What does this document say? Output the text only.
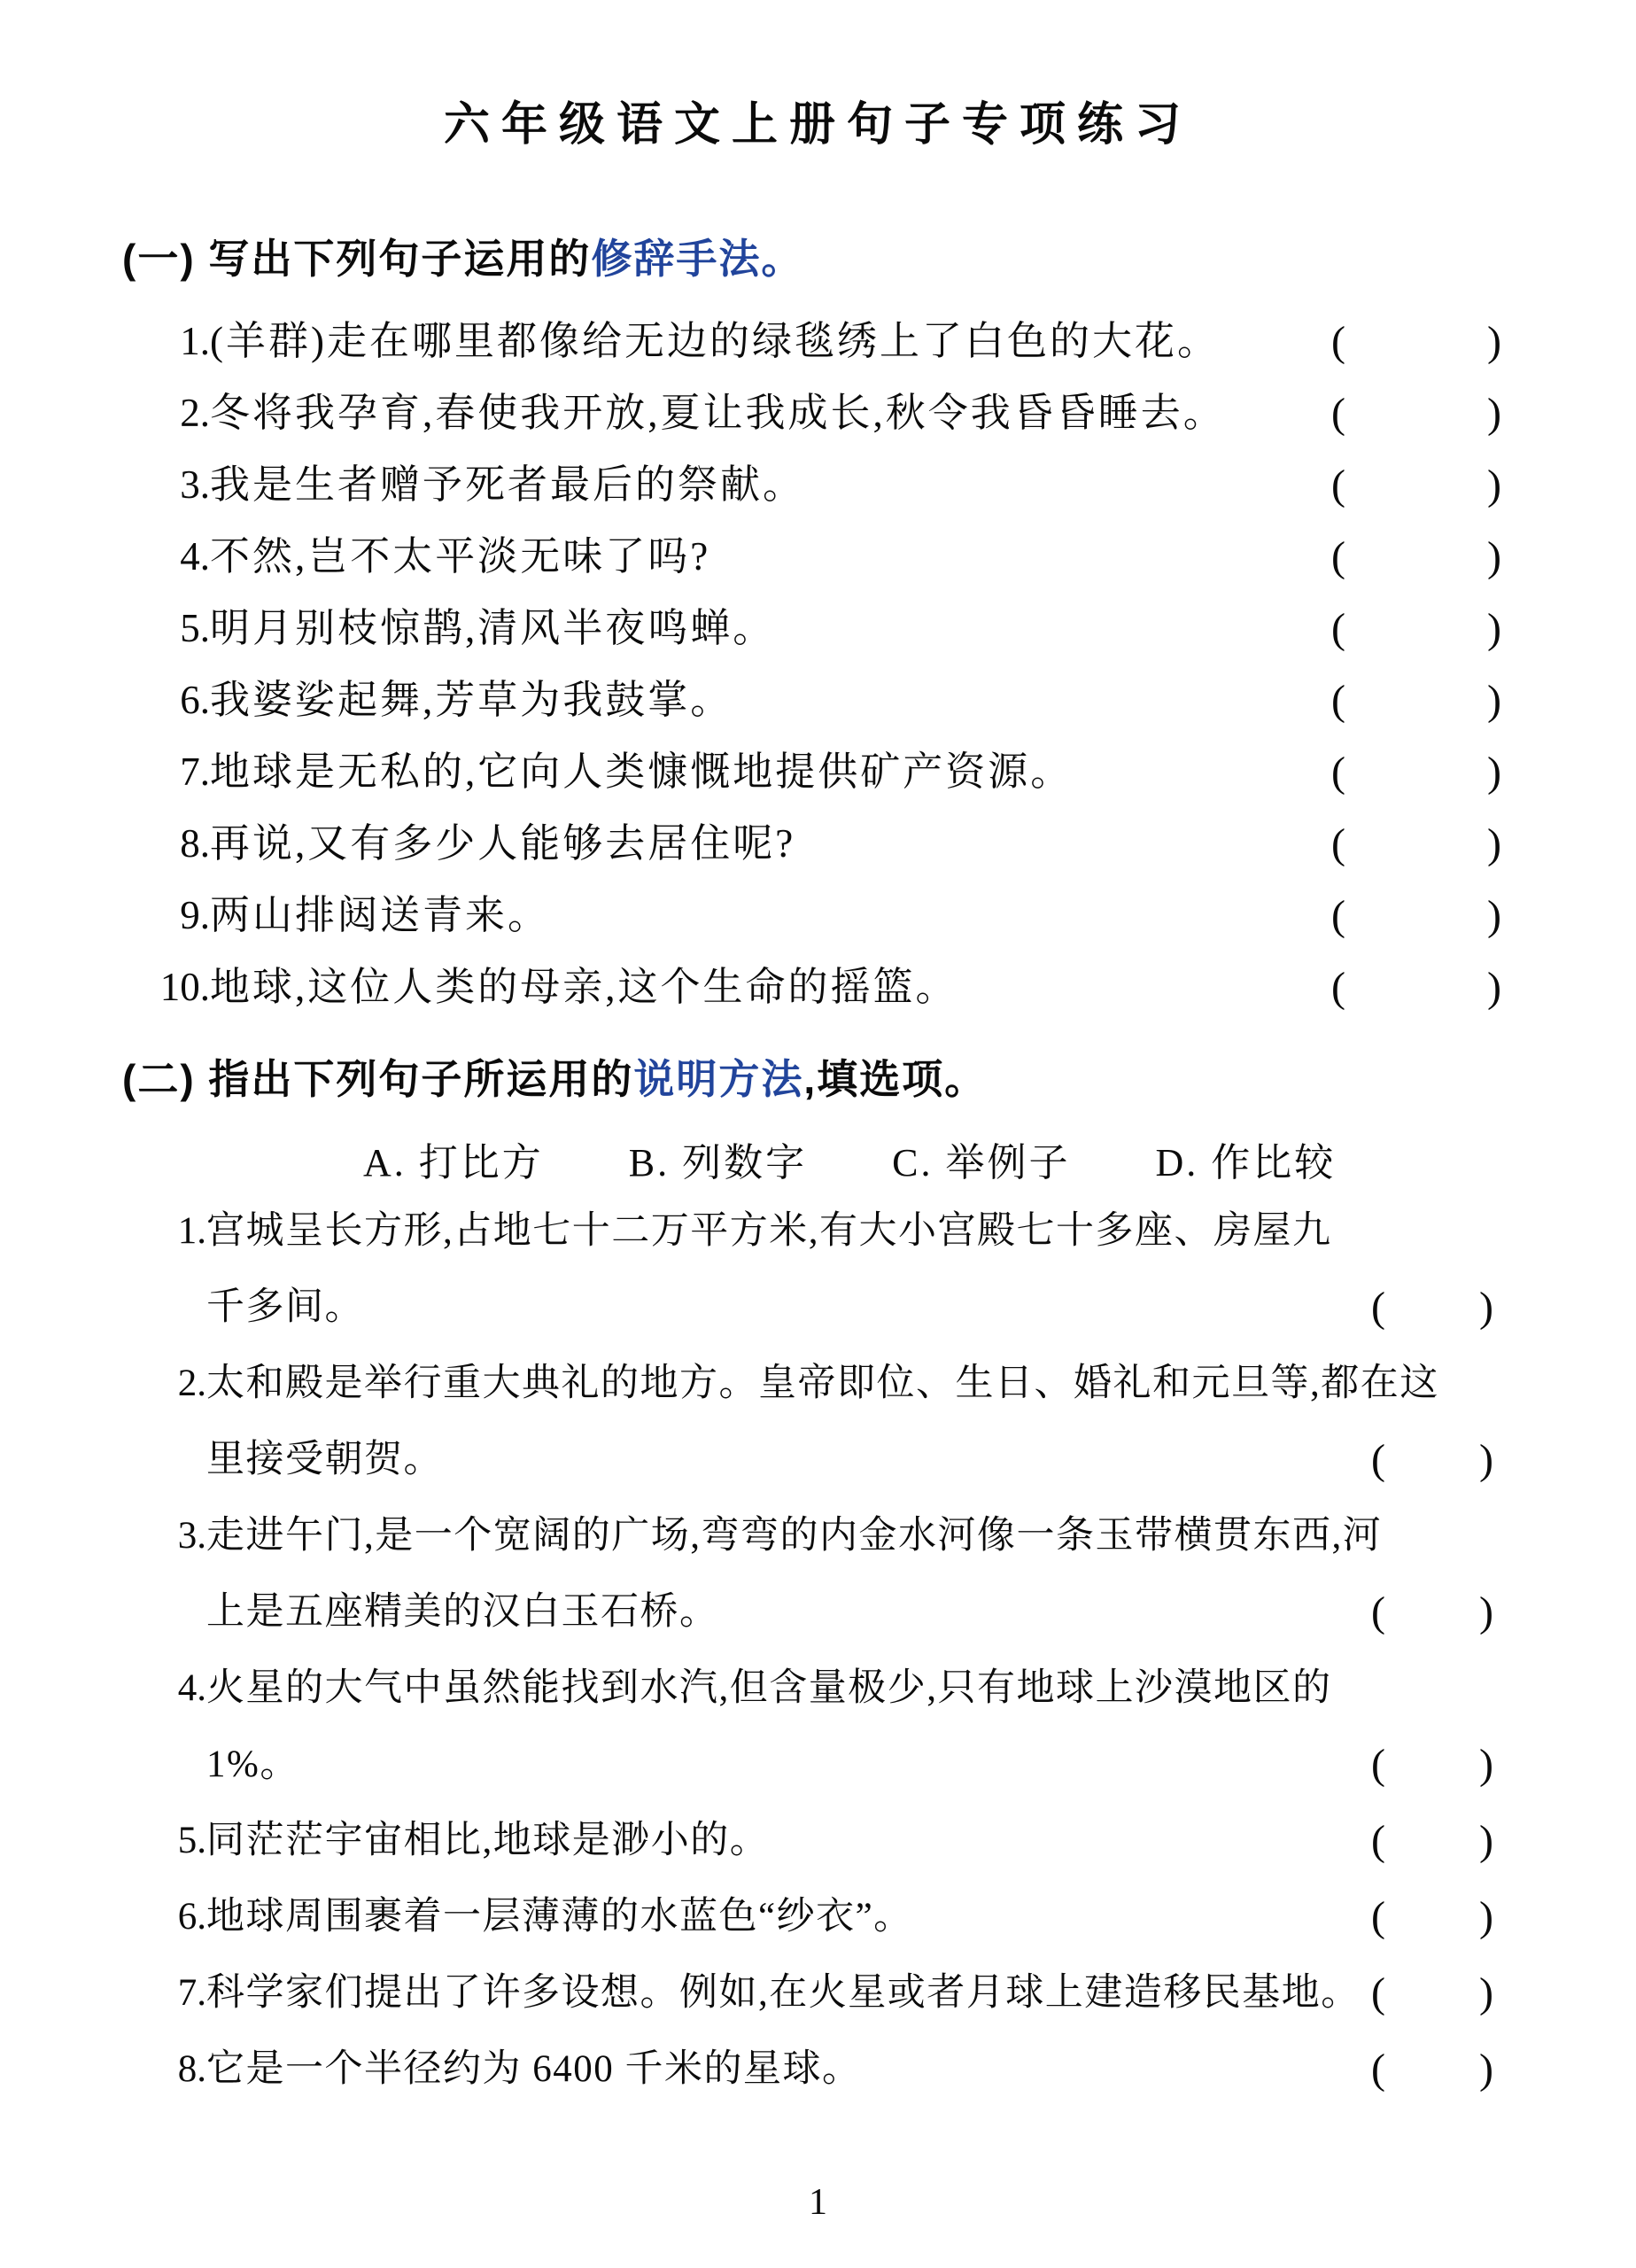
六年级语文上册句子专项练习
(一) 写出下列句子运用的修辞手法。
1.(羊群)走在哪里都像给无边的绿毯绣上了白色的大花。	(	)
2.冬将我孕育,春使我开放,夏让我成长,秋令我昏昏睡去。 (	)
3.我是生者赠予死者最后的祭献。	(	)
4.不然,岂不太平淡无味了吗?	(	)
5.明月别枝惊鹊,清风半夜鸣蝉。	(	)
6.我婆娑起舞,芳草为我鼓掌。	(	)
7.地球是无私的,它向人类慷慨地提供矿产资源。	(	)
8.再说,又有多少人能够去居住呢?	(	)
9.两山排闼送青来。	(	)
10.地球,这位人类的母亲,这个生命的摇篮。	(	)
(二) 指出下列句子所运用的说明方法,填选项。
A. 打比方 B. 列数字 C. 举例子 D. 作比较
1.宫城呈长方形,占地七十二万平方米,有大小宫殿七十多座、房屋九
千多间。	( )
2.太和殿是举行重大典礼的地方。皇帝即位、生日、婚礼和元旦等,都在这
里接受朝贺。	( )
3.走进午门,是一个宽阔的广场,弯弯的内金水河像一条玉带横贯东西,河
上是五座精美的汉白玉石桥。	( )
4.火星的大气中虽然能找到水汽,但含量极少,只有地球上沙漠地区的
1%。	( )
5.同茫茫宇宙相比,地球是渺小的。	( )
6.地球周围裹着一层薄薄的水蓝色“纱衣”。	( )
7.科学家们提出了许多设想。例如,在火星或者月球上建造移民基地。 ( )
8.它是一个半径约为 6400 千米的星球。	( )
1
